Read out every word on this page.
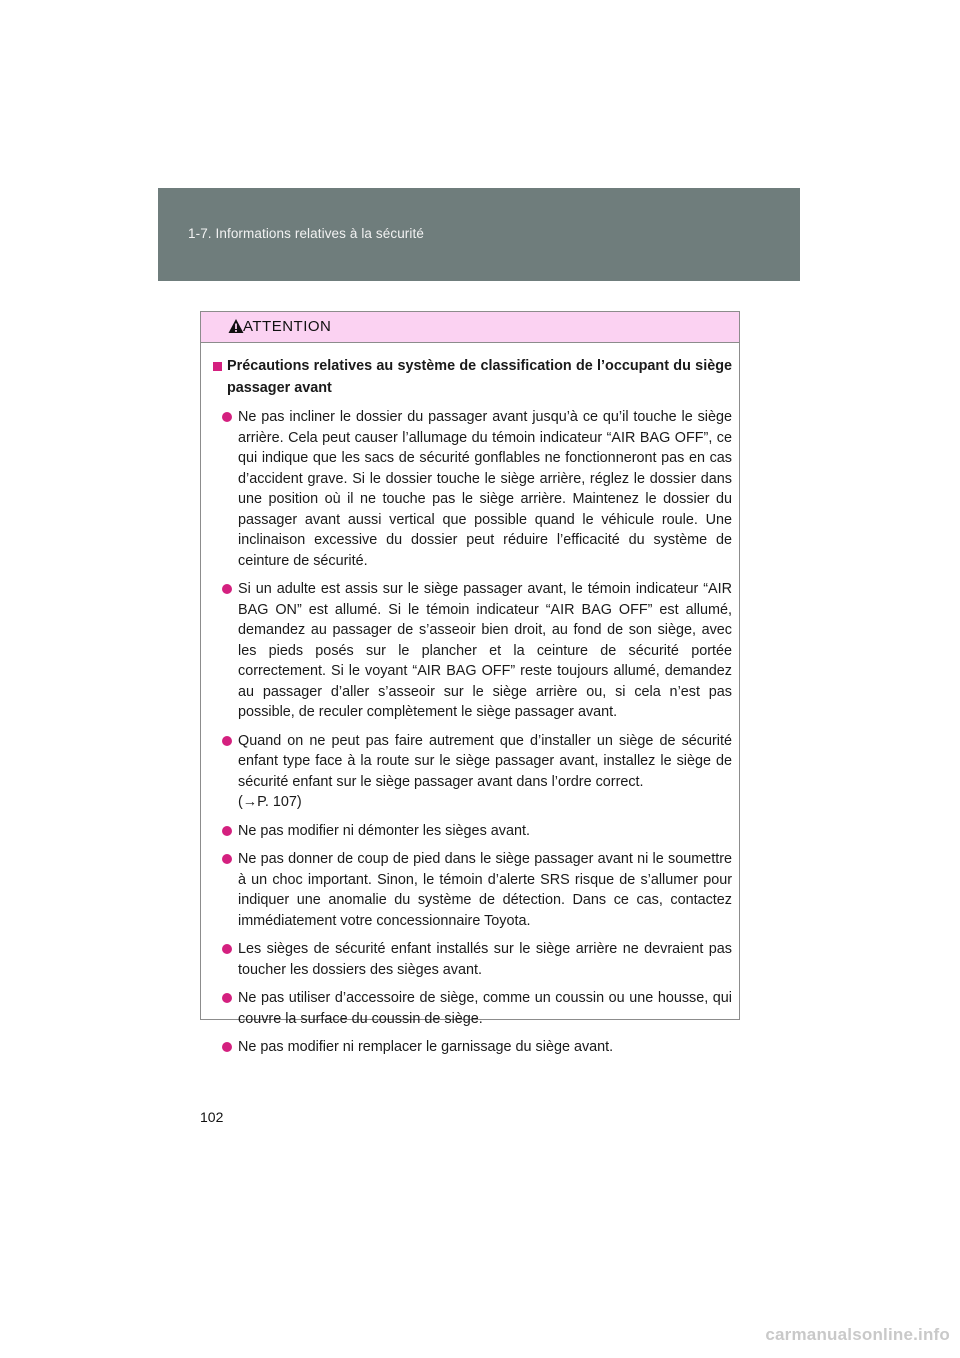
1-7. Informations relatives à la sécurité
ATTENTION
Précautions relatives au système de classification de l’occupant du siège passager avant
Ne pas incliner le dossier du passager avant jusqu’à ce qu’il touche le siège arrière. Cela peut causer l’allumage du témoin indicateur “AIR BAG OFF”, ce qui indique que les sacs de sécurité gonflables ne fonctionneront pas en cas d’accident grave. Si le dossier touche le siège arrière, réglez le dossier dans une position où il ne touche pas le siège arrière. Maintenez le dossier du passager avant aussi vertical que possible quand le véhicule roule. Une inclinaison excessive du dossier peut réduire l’efficacité du système de ceinture de sécurité.
Si un adulte est assis sur le siège passager avant, le témoin indicateur “AIR BAG ON” est allumé. Si le témoin indicateur “AIR BAG OFF” est allumé, demandez au passager de s’asseoir bien droit, au fond de son siège, avec les pieds posés sur le plancher et la ceinture de sécurité portée correctement. Si le voyant “AIR BAG OFF” reste toujours allumé, demandez au passager d’aller s’asseoir sur le siège arrière ou, si cela n’est pas possible, de reculer complètement le siège passager avant.
Quand on ne peut pas faire autrement que d’installer un siège de sécurité enfant type face à la route sur le siège passager avant, installez le siège de sécurité enfant sur le siège passager avant dans l’ordre correct.
(→P. 107)
Ne pas modifier ni démonter les sièges avant.
Ne pas donner de coup de pied dans le siège passager avant ni le soumettre à un choc important. Sinon, le témoin d’alerte SRS risque de s’allumer pour indiquer une anomalie du système de détection. Dans ce cas, contactez immédiatement votre concessionnaire Toyota.
Les sièges de sécurité enfant installés sur le siège arrière ne devraient pas toucher les dossiers des sièges avant.
Ne pas utiliser d’accessoire de siège, comme un coussin ou une housse, qui couvre la surface du coussin de siège.
Ne pas modifier ni remplacer le garnissage du siège avant.
102
carmanualsonline.info
